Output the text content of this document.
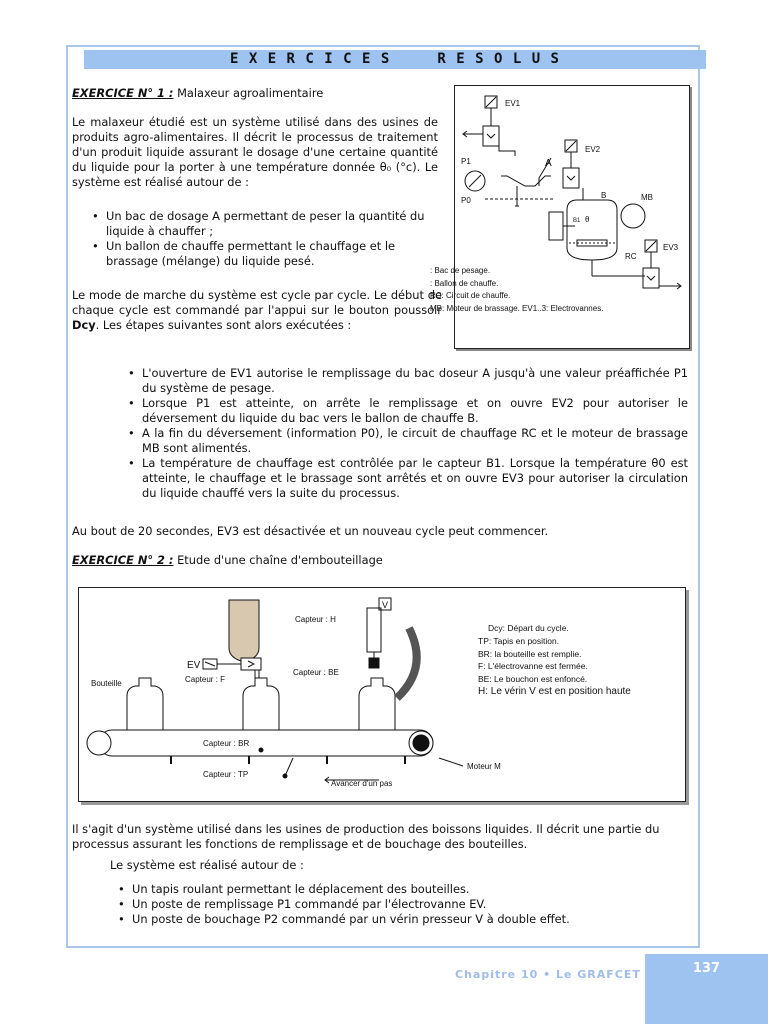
E X E R C I C E S     R E S O L U S
EXERCICE N° 1 : Malaxeur agroalimentaire
Le malaxeur étudié est un système utilisé dans des usines de produits agro-alimentaires. Il décrit le processus de traitement d'un produit liquide assurant le dosage d'une certaine quantité du liquide pour la porter à une température donnée θ₀ (°c). Le système est réalisé autour de :
• Un bac de dosage A permettant de peser la quantité du liquide à chauffer ;
• Un ballon de chauffe permettant le chauffage et le brassage (mélange) du liquide pesé.
Le mode de marche du système est cycle par cycle. Le début de chaque cycle est commandé par l'appui sur le bouton poussoir Dcy. Les étapes suivantes sont alors exécutées :
• L'ouverture de EV1 autorise le remplissage du bac doseur A jusqu'à une valeur préaffichée P1 du système de pesage.
• Lorsque P1 est atteinte, on arrête le remplissage et on ouvre EV2 pour autoriser le déversement du liquide du bac vers le ballon de chauffe B.
• A la fin du déversement (information P0), le circuit de chauffage RC et le moteur de brassage MB sont alimentés.
• La température de chauffage est contrôlée par le capteur B1. Lorsque la température θ0 est atteinte, le chauffage et le brassage sont arrêtés et on ouvre EV3 pour autoriser la circulation du liquide chauffé vers la suite du processus.
Au bout de 20 secondes, EV3 est désactivée et un nouveau cycle peut commencer.
EV1
A
P1
P0
EV2
B
B1 θ
MB
RC
EV3
: Bac de pesage.
: Ballon de chauffe.
RC: Circuit de chauffe.
MB: Moteur de brassage. EV1..3: Electrovannes.
EXERCICE N° 2 : Etude d'une chaîne d'embouteillage
EV
V
Capteur : H
Capteur : BE
Capteur : F
Bouteille
Capteur : BR
Capteur : TP
Moteur M
Avancer d'un pas
Dcy: Départ du cycle.
TP: Tapis en position.
BR: la bouteille est remplie.
F: L'électrovanne est fermée.
BE: Le bouchon est enfoncé.
H: Le vérin V est en position haute
Il s'agit d'un système utilisé dans les usines de production des boissons liquides. Il décrit une partie du processus assurant les fonctions de remplissage et de bouchage des bouteilles.
Le système est réalisé autour de :
• Un tapis roulant permettant le déplacement des bouteilles.
• Un poste de remplissage P1 commandé par l'électrovanne EV.
• Un poste de bouchage P2 commandé par un vérin presseur V à double effet.
Chapitre 10 • Le GRAFCET	137
